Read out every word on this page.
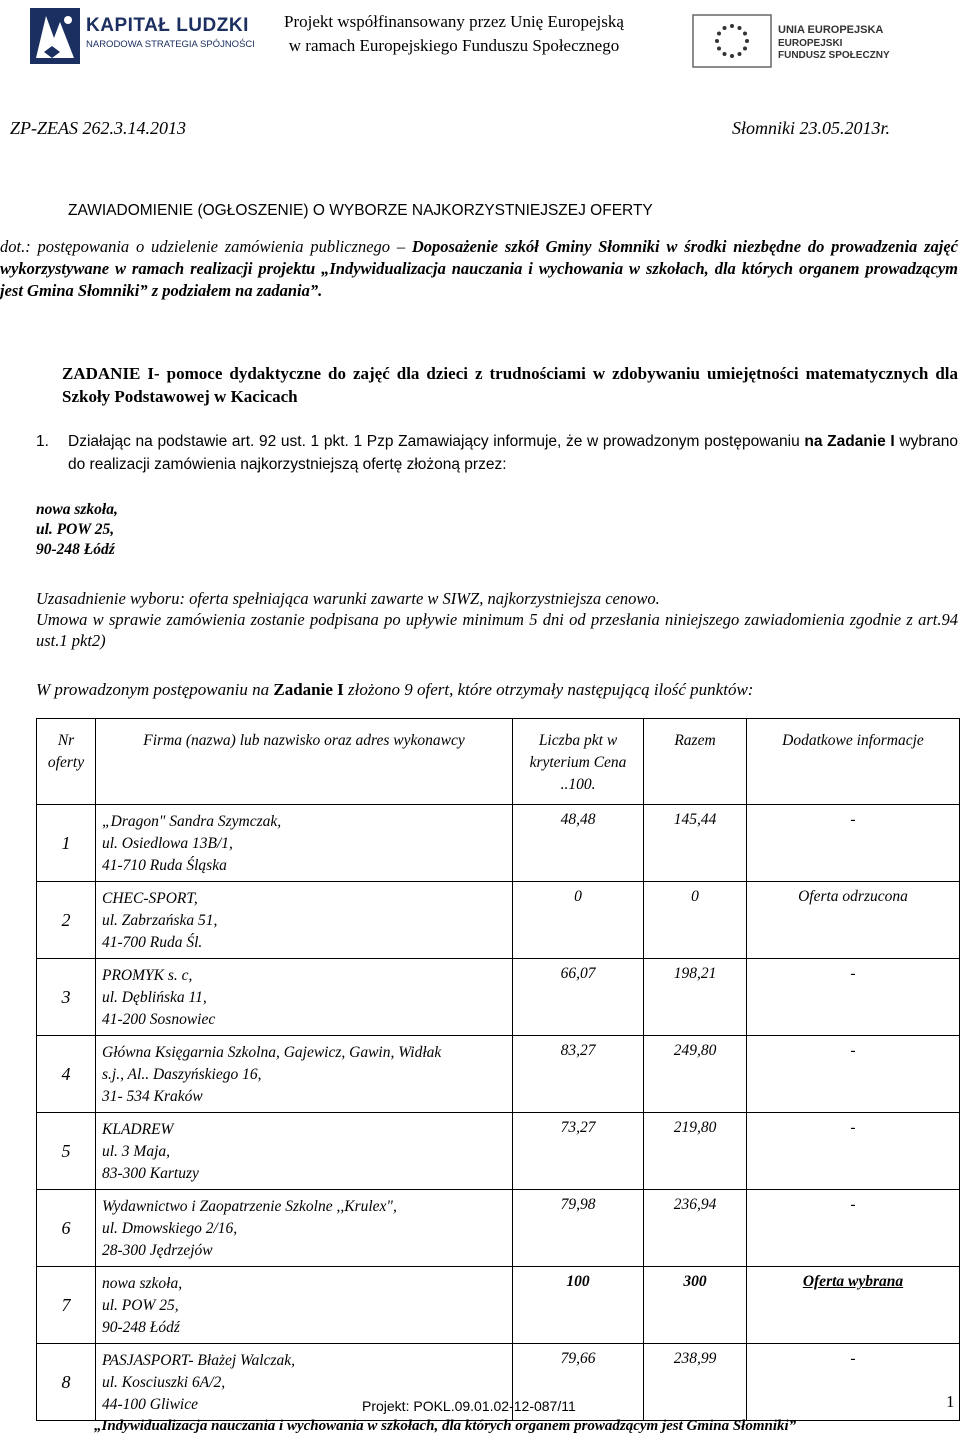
KAPITAŁ LUDZKI
NARODOWA STRATEGIA SPÓJNOŚCI
Projekt współfinansowany przez Unię Europejską
w ramach Europejskiego Funduszu Społecznego
UNIA EUROPEJSKA
EUROPEJSKI
FUNDUSZ SPOŁECZNY
ZP-ZEAS 262.3.14.2013	Słomniki 23.05.2013r.
ZAWIADOMIENIE (OGŁOSZENIE) O WYBORZE NAJKORZYSTNIEJSZEJ OFERTY
dot.: postępowania o udzielenie zamówienia publicznego – Doposażenie szkół Gminy Słomniki w środki niezbędne do prowadzenia zajęć wykorzystywane w ramach realizacji projektu „Indywidualizacja nauczania i wychowania w szkołach, dla których organem prowadzącym jest Gmina Słomniki” z podziałem na zadania”.
ZADANIE I- pomoce dydaktyczne do zajęć dla dzieci z trudnościami w zdobywaniu umiejętności matematycznych dla Szkoły Podstawowej w Kacicach
1. Działając na podstawie art. 92 ust. 1 pkt. 1 Pzp Zamawiający informuje, że w prowadzonym postępowaniu na Zadanie I wybrano do realizacji zamówienia najkorzystniejszą ofertę złożoną przez:
nowa szkoła,
ul. POW 25,
90-248 Łódź
Uzasadnienie wyboru: oferta spełniająca warunki zawarte w SIWZ, najkorzystniejsza cenowo.
Umowa w sprawie zamówienia zostanie podpisana po upływie minimum 5 dni od przesłania niniejszego zawiadomienia zgodnie z art.94 ust.1 pkt2)
W prowadzonym postępowaniu na Zadanie I złożono 9 ofert, które otrzymały następującą ilość punktów:
Nr oferty	Firma (nazwa) lub nazwisko oraz adres wykonawcy	Liczba pkt w kryterium Cena ..100.	Razem	Dodatkowe informacje
1	„Dragon" Sandra Szymczak,
ul. Osiedlowa 13B/1,
41-710 Ruda Śląska	48,48	145,44	-
2	CHEC-SPORT,
ul. Zabrzańska 51,
41-700 Ruda Śl.	0	0	Oferta odrzucona
3	PROMYK s. c,
ul. Dęblińska 11,
41-200 Sosnowiec	66,07	198,21	-
4	Główna Księgarnia Szkolna, Gajewicz, Gawin, Widłak
s.j., Al.. Daszyńskiego 16,
31- 534 Kraków	83,27	249,80	-
5	KLADREW
ul. 3 Maja,
83-300 Kartuzy	73,27	219,80	-
6	Wydawnictwo i Zaopatrzenie Szkolne ,,Krulex",
ul. Dmowskiego 2/16,
28-300 Jędrzejów	79,98	236,94	-
7	nowa szkoła,
ul. POW 25,
90-248 Łódź	100	300	Oferta wybrana
8	PASJASPORT- Błażej Walczak,
ul. Kosciuszki 6A/2,
44-100 Gliwice	79,66	238,99	-
1
Projekt: POKL.09.01.02-12-087/11
„Indywidualizacja nauczania i wychowania w szkołach, dla których organem prowadzącym jest Gmina Słomniki”
